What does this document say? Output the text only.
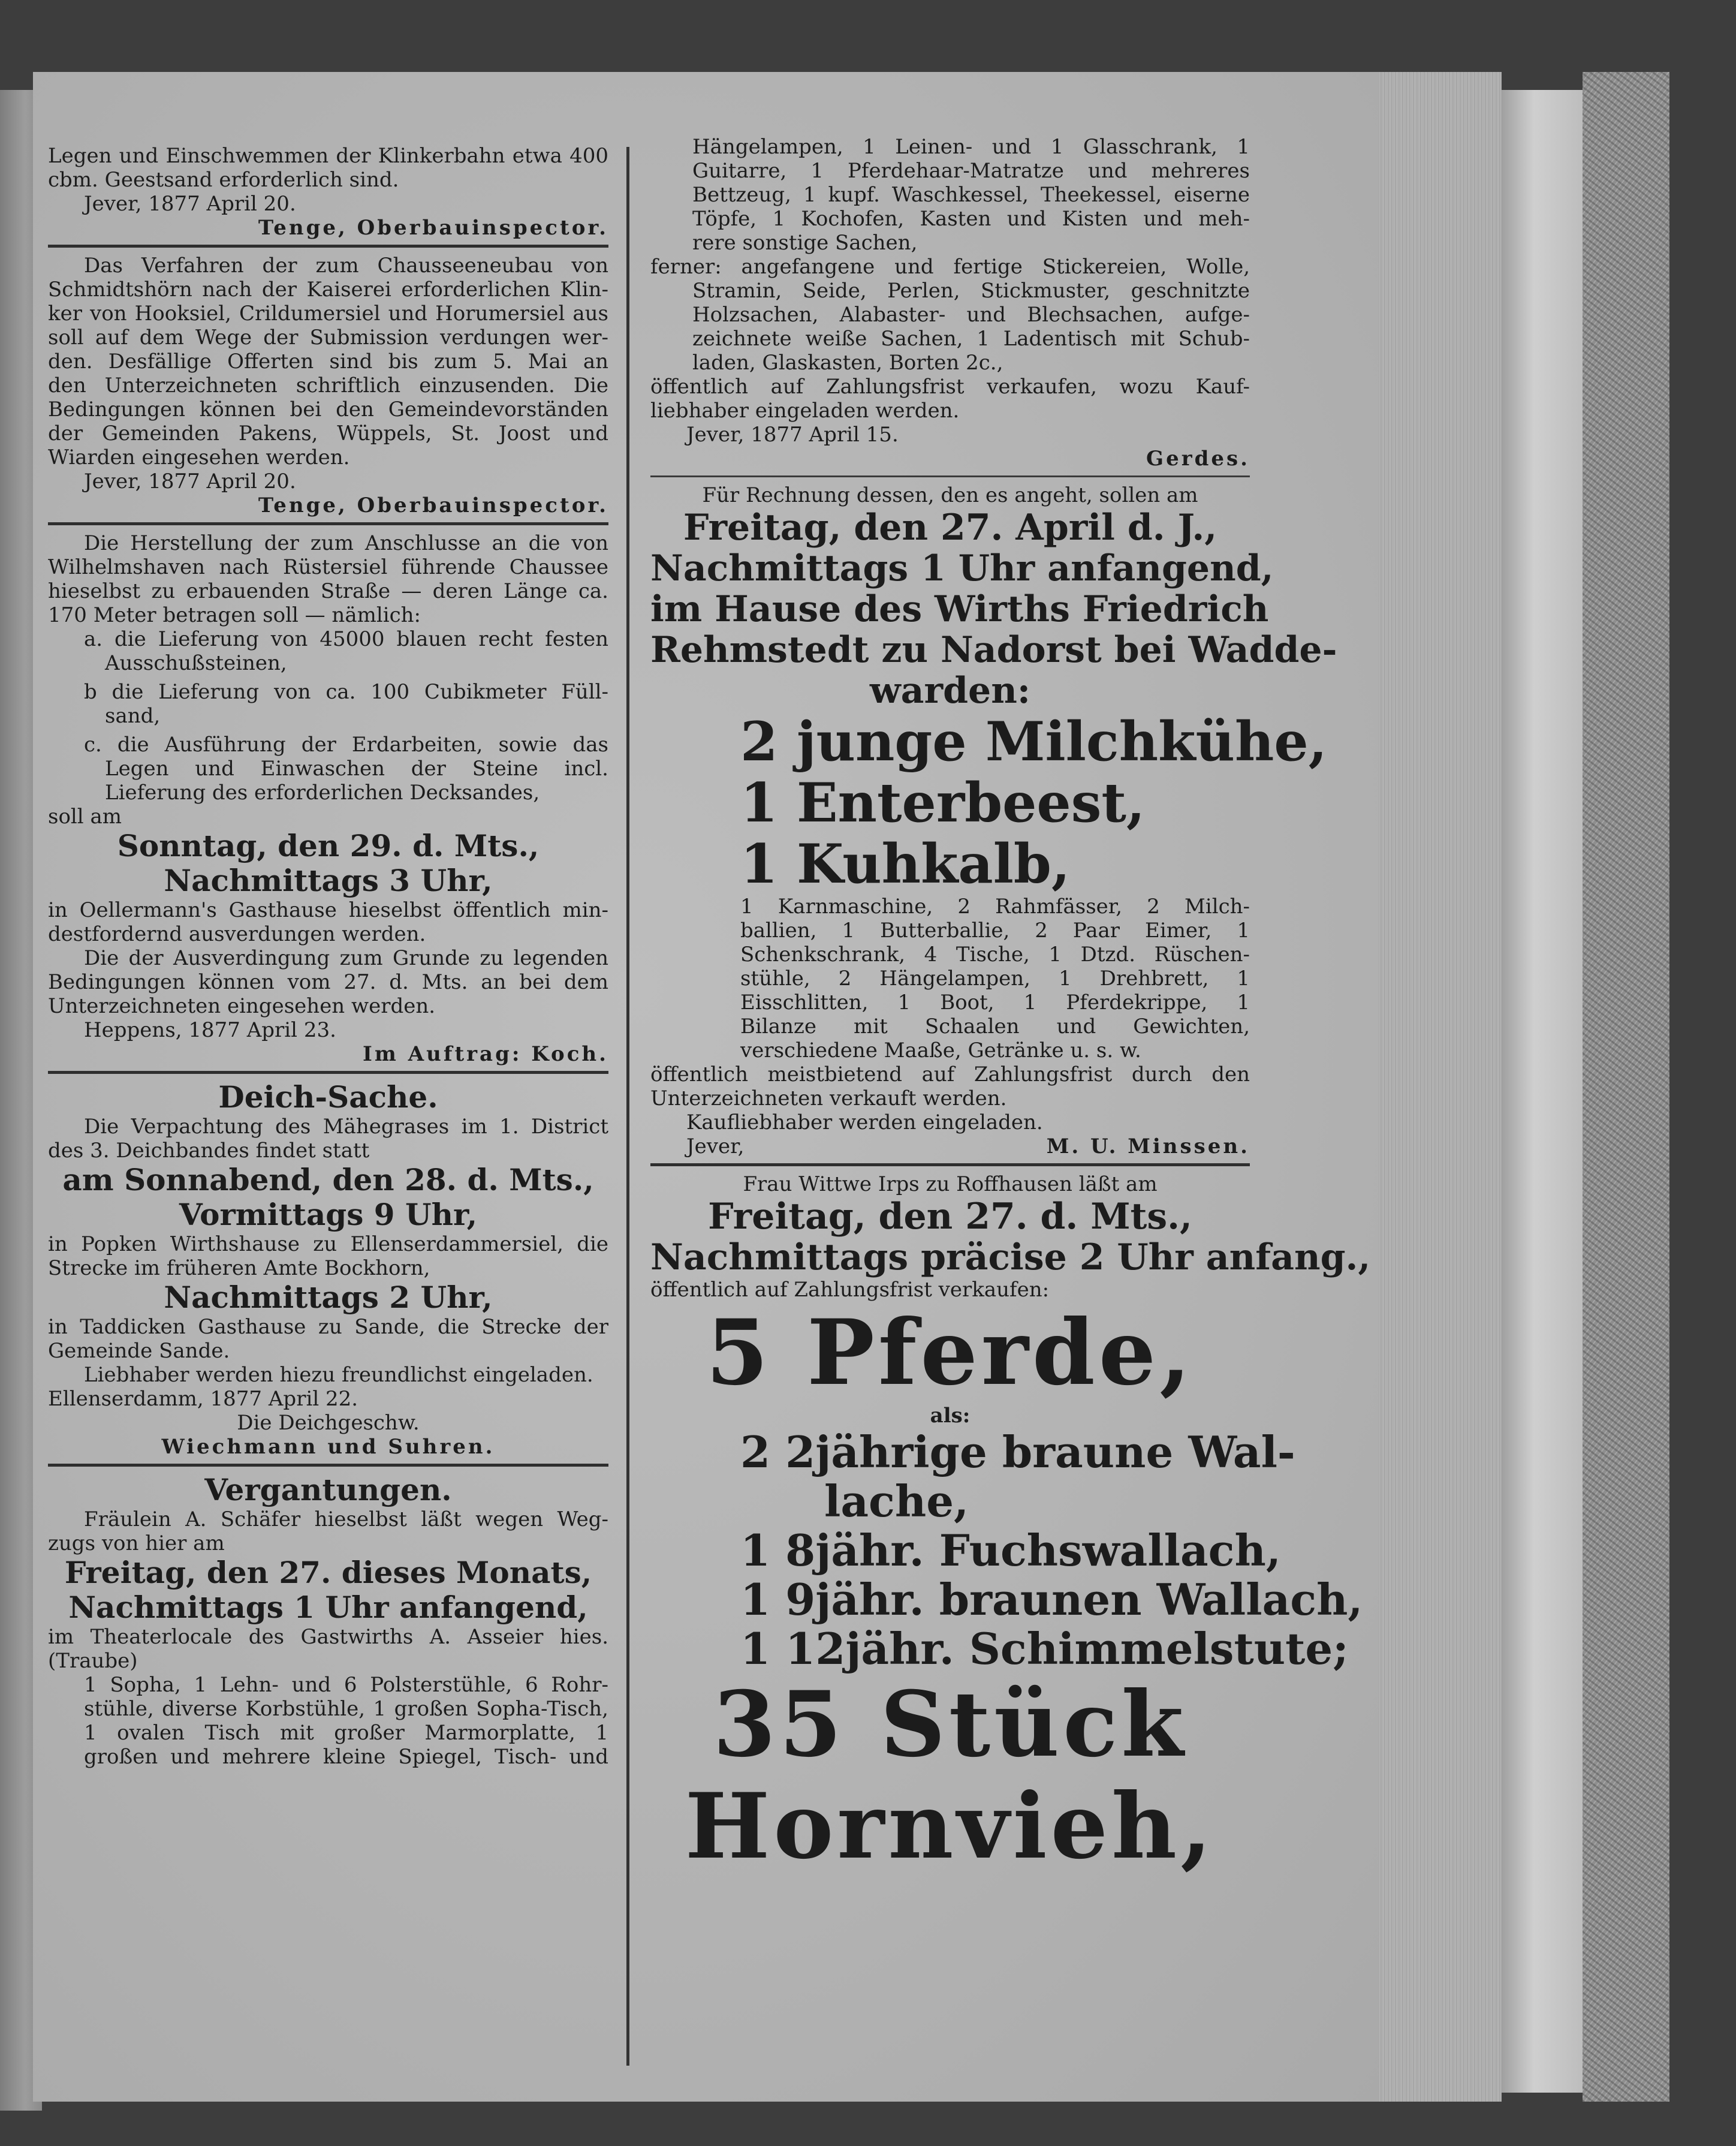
Legen und Einschwemmen der Klinkerbahn etwa 400
cbm. Geestsand erforderlich sind.
Jever, 1877 April 20.
Tenge, Oberbauinspector.
Das Verfahren der zum Chausseeneubau von
Schmidtshörn nach der Kaiserei erforderlichen Klin-
ker von Hooksiel, Crildumersiel und Horumersiel aus
soll auf dem Wege der Submission verdungen wer-
den. Desfällige Offerten sind bis zum 5. Mai an
den Unterzeichneten schriftlich einzusenden. Die
Bedingungen können bei den Gemeindevorständen
der Gemeinden Pakens, Wüppels, St. Joost und
Wiarden eingesehen werden.
Jever, 1877 April 20.
Tenge, Oberbauinspector.
Die Herstellung der zum Anschlusse an die von
Wilhelmshaven nach Rüstersiel führende Chaussee
hieselbst zu erbauenden Straße — deren Länge ca.
170 Meter betragen soll — nämlich:
a. die Lieferung von 45000 blauen recht festen
Ausschußsteinen,
b die Lieferung von ca. 100 Cubikmeter Füll-
sand,
c. die Ausführung der Erdarbeiten, sowie das
Legen und Einwaschen der Steine incl.
Lieferung des erforderlichen Decksandes,
soll am
Sonntag, den 29. d. Mts.,
Nachmittags 3 Uhr,
in Oellermann's Gasthause hieselbst öffentlich min-
destfordernd ausverdungen werden.
Die der Ausverdingung zum Grunde zu legenden
Bedingungen können vom 27. d. Mts. an bei dem
Unterzeichneten eingesehen werden.
Heppens, 1877 April 23.
Im Auftrag: Koch.
Deich-Sache.
Die Verpachtung des Mähegrases im 1. District
des 3. Deichbandes findet statt
am Sonnabend, den 28. d. Mts.,
Vormittags 9 Uhr,
in Popken Wirthshause zu Ellenserdammersiel, die
Strecke im früheren Amte Bockhorn,
Nachmittags 2 Uhr,
in Taddicken Gasthause zu Sande, die Strecke der
Gemeinde Sande.
Liebhaber werden hiezu freundlichst eingeladen.
Ellenserdamm, 1877 April 22.
Die Deichgeschw.
Wiechmann und Suhren.
Vergantungen.
Fräulein A. Schäfer hieselbst läßt wegen Weg-
zugs von hier am
Freitag, den 27. dieses Monats,
Nachmittags 1 Uhr anfangend,
im Theaterlocale des Gastwirths A. Asseier hies.
(Traube)
1 Sopha, 1 Lehn- und 6 Polsterstühle, 6 Rohr-
stühle, diverse Korbstühle, 1 großen Sopha-Tisch,
1 ovalen Tisch mit großer Marmorplatte, 1
großen und mehrere kleine Spiegel, Tisch- und
Hängelampen, 1 Leinen- und 1 Glasschrank, 1
Guitarre, 1 Pferdehaar-Matratze und mehreres
Bettzeug, 1 kupf. Waschkessel, Theekessel, eiserne
Töpfe, 1 Kochofen, Kasten und Kisten und meh-
rere sonstige Sachen,
ferner: angefangene und fertige Stickereien, Wolle,
Stramin, Seide, Perlen, Stickmuster, geschnitzte
Holzsachen, Alabaster- und Blechsachen, aufge-
zeichnete weiße Sachen, 1 Ladentisch mit Schub-
laden, Glaskasten, Borten 2c.,
öffentlich auf Zahlungsfrist verkaufen, wozu Kauf-
liebhaber eingeladen werden.
Jever, 1877 April 15.
Gerdes.
Für Rechnung dessen, den es angeht, sollen am
Freitag, den 27. April d. J.,
Nachmittags 1 Uhr anfangend,
im Hause des Wirths Friedrich
Rehmstedt zu Nadorst bei Wadde-
warden:
2 junge Milchkühe,
1 Enterbeest,
1 Kuhkalb,
1 Karnmaschine, 2 Rahmfässer, 2 Milch-
ballien, 1 Butterballie, 2 Paar Eimer, 1
Schenkschrank, 4 Tische, 1 Dtzd. Rüschen-
stühle, 2 Hängelampen, 1 Drehbrett, 1
Eisschlitten, 1 Boot, 1 Pferdekrippe, 1
Bilanze mit Schaalen und Gewichten,
verschiedene Maaße, Getränke u. s. w.
öffentlich meistbietend auf Zahlungsfrist durch den
Unterzeichneten verkauft werden.
Kaufliebhaber werden eingeladen.
Jever,	M. U. Minssen.
Frau Wittwe Irps zu Roffhausen läßt am
Freitag, den 27. d. Mts.,
Nachmittags präcise 2 Uhr anfang.,
öffentlich auf Zahlungsfrist verkaufen:
5 Pferde,
als:
2 2jährige braune Wal-
lache,
1 8jähr. Fuchswallach,
1 9jähr. braunen Wallach,
1 12jähr. Schimmelstute;
35 Stück
Hornvieh,
